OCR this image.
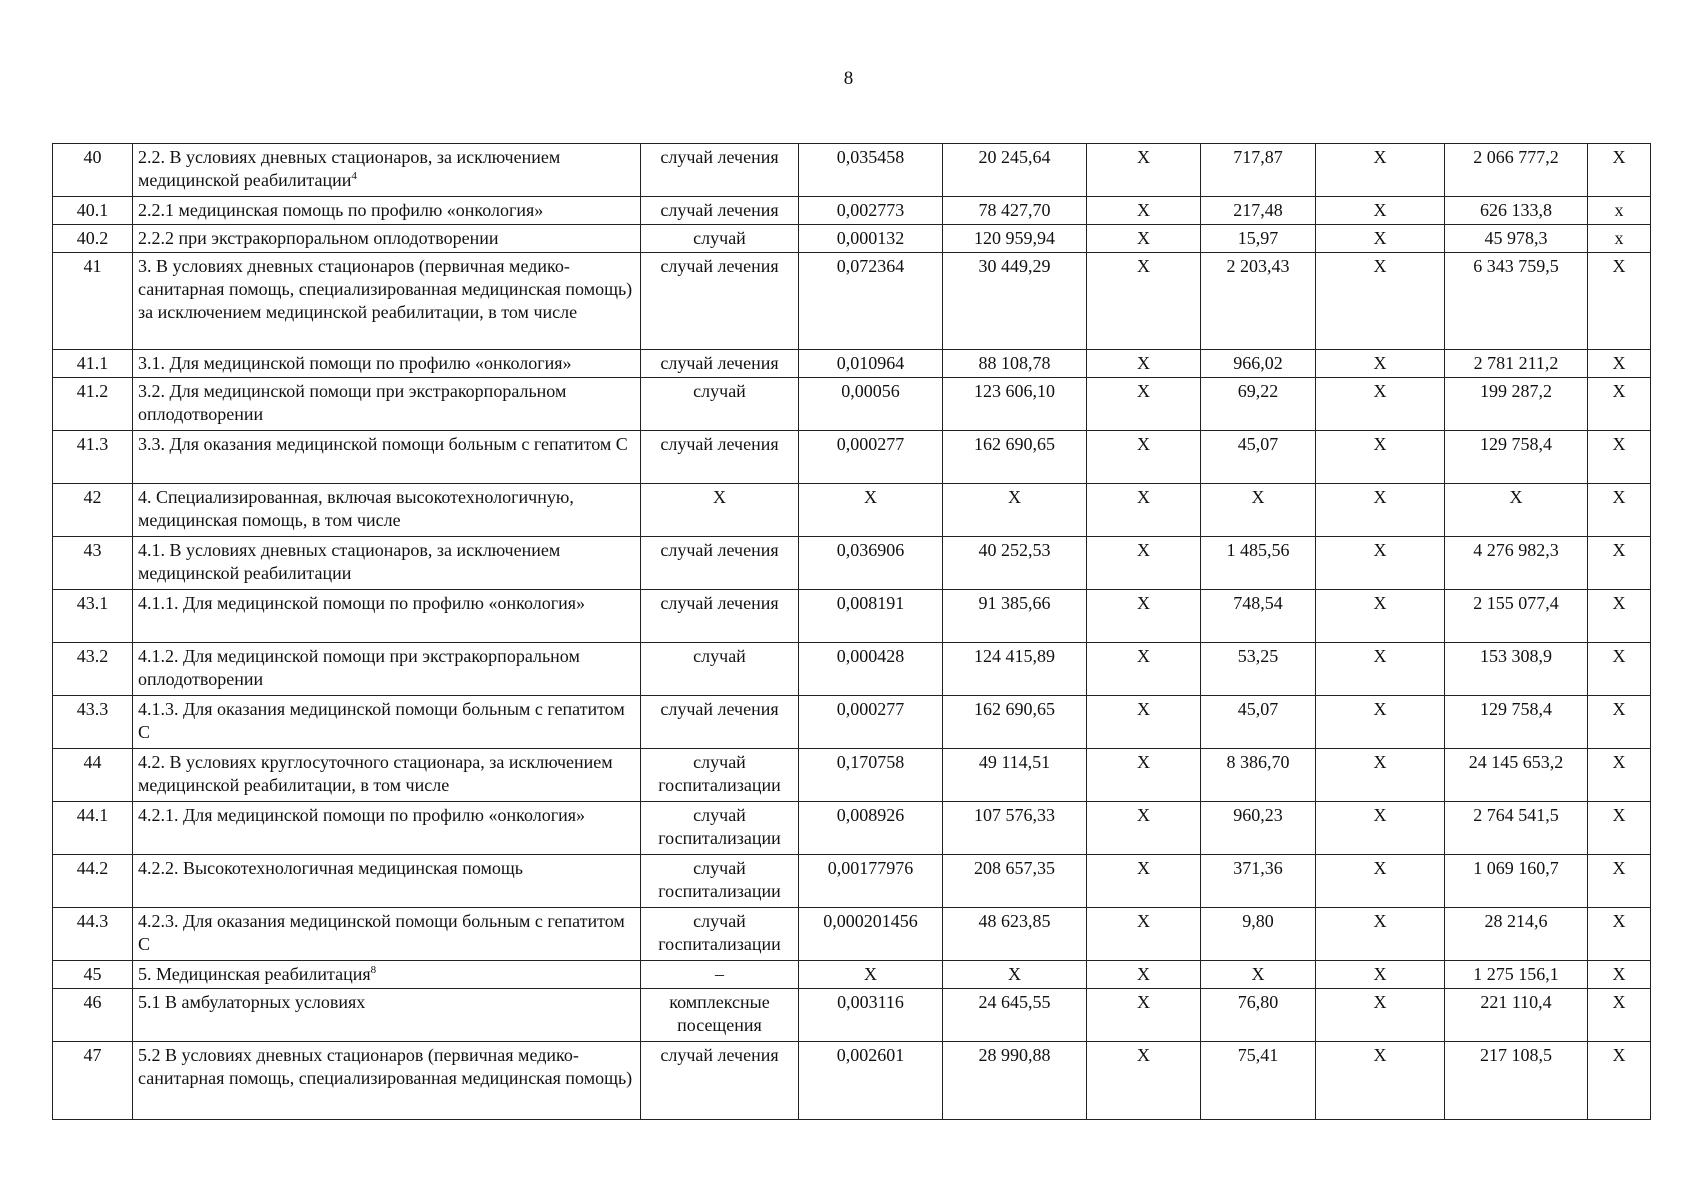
8
40	2.2. В условиях дневных стационаров, за исключением медицинской реабилитации$^4$	случай лечения	0,035458	20 245,64	X	717,87	X	2 066 777,2	X
40.1	2.2.1 медицинская помощь по профилю «онкология»	случай лечения	0,002773	78 427,70	X	217,48	X	626 133,8	x
40.2	2.2.2 при экстракорпоральном оплодотворении	случай	0,000132	120 959,94	X	15,97	X	45 978,3	x
41	3. В условиях дневных стационаров (первичная медико-санитарная помощь, специализированная медицинская помощь) за исключением медицинской реабилитации, в том числе	случай лечения	0,072364	30 449,29	X	2 203,43	X	6 343 759,5	X
41.1	3.1. Для медицинской помощи по профилю «онкология»	случай лечения	0,010964	88 108,78	X	966,02	X	2 781 211,2	X
41.2	3.2. Для медицинской помощи при экстракорпоральном оплодотворении	случай	0,00056	123 606,10	X	69,22	X	199 287,2	X
41.3	3.3. Для оказания медицинской помощи больным с гепатитом С	случай лечения	0,000277	162 690,65	X	45,07	X	129 758,4	X
42	4. Специализированная, включая высокотехнологичную, медицинская помощь, в том числе	X	X	X	X	X	X	X	X
43	4.1. В условиях дневных стационаров, за исключением медицинской реабилитации	случай лечения	0,036906	40 252,53	X	1 485,56	X	4 276 982,3	X
43.1	4.1.1. Для медицинской помощи по профилю «онкология»	случай лечения	0,008191	91 385,66	X	748,54	X	2 155 077,4	X
43.2	4.1.2. Для медицинской помощи при экстракорпоральном оплодотворении	случай	0,000428	124 415,89	X	53,25	X	153 308,9	X
43.3	4.1.3. Для оказания медицинской помощи больным с гепатитом С	случай лечения	0,000277	162 690,65	X	45,07	X	129 758,4	X
44	4.2. В условиях круглосуточного стационара, за исключением медицинской реабилитации, в том числе	случай госпитализации	0,170758	49 114,51	X	8 386,70	X	24 145 653,2	X
44.1	4.2.1. Для медицинской помощи по профилю «онкология»	случай госпитализации	0,008926	107 576,33	X	960,23	X	2 764 541,5	X
44.2	4.2.2. Высокотехнологичная медицинская помощь	случай госпитализации	0,00177976	208 657,35	X	371,36	X	1 069 160,7	X
44.3	4.2.3. Для оказания медицинской помощи больным с гепатитом С	случай госпитализации	0,000201456	48 623,85	X	9,80	X	28 214,6	X
45	5. Медицинская реабилитация$^8$	–	X	X	X	X	X	1 275 156,1	X
46	5.1 В амбулаторных условиях	комплексные посещения	0,003116	24 645,55	X	76,80	X	221 110,4	X
47	5.2 В условиях дневных стационаров (первичная медико-санитарная помощь, специализированная медицинская помощь)	случай лечения	0,002601	28 990,88	X	75,41	X	217 108,5	X
